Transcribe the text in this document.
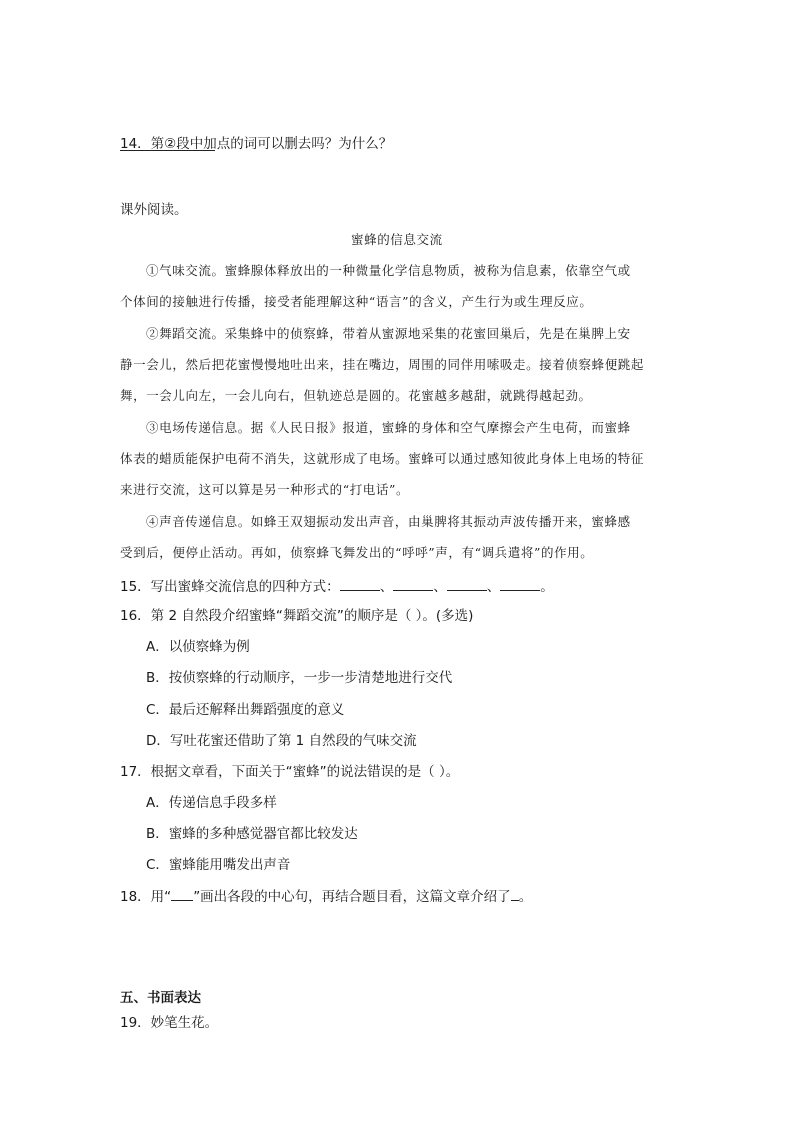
14．第②段中加点的词可以删去吗？为什么？
课外阅读。
蜜蜂的信息交流
①气味交流。蜜蜂腺体释放出的一种微量化学信息物质，被称为信息素，依靠空气或
个体间的接触进行传播，接受者能理解这种“语言”的含义，产生行为或生理反应。
②舞蹈交流。采集蜂中的侦察蜂，带着从蜜源地采集的花蜜回巢后，先是在巢脾上安
静一会儿，然后把花蜜慢慢地吐出来，挂在嘴边，周围的同伴用嗦吸走。接着侦察蜂便跳起
舞，一会儿向左，一会儿向右，但轨迹总是圆的。花蜜越多越甜，就跳得越起劲。
③电场传递信息。据《人民日报》报道，蜜蜂的身体和空气摩擦会产生电荷，而蜜蜂
体表的蜡质能保护电荷不消失，这就形成了电场。蜜蜂可以通过感知彼此身体上电场的特征
来进行交流，这可以算是另一种形式的“打电话”。
④声音传递信息。如蜂王双翅振动发出声音，由巢脾将其振动声波传播开来，蜜蜂感
受到后，便停止活动。再如，侦察蜂飞舞发出的“呼呼”声，有“调兵遣将”的作用。
15．写出蜜蜂交流信息的四种方式：	、	、	、	。
16．第 2 自然段介绍蜜蜂“舞蹈交流”的顺序是（ ）。(多选)
A．以侦察蜂为例
B．按侦察蜂的行动顺序，一步一步清楚地进行交代
C．最后还解释出舞蹈强度的意义
D．写吐花蜜还借助了第 1 自然段的气味交流
17．根据文章看，下面关于“蜜蜂”的说法错误的是（ ）。
A．传递信息手段多样
B．蜜蜂的多种感觉器官都比较发达
C．蜜蜂能用嘴发出声音
18．用“ ”画出各段的中心句，再结合题目看，这篇文章介绍了 。
五、书面表达
19．妙笔生花。
